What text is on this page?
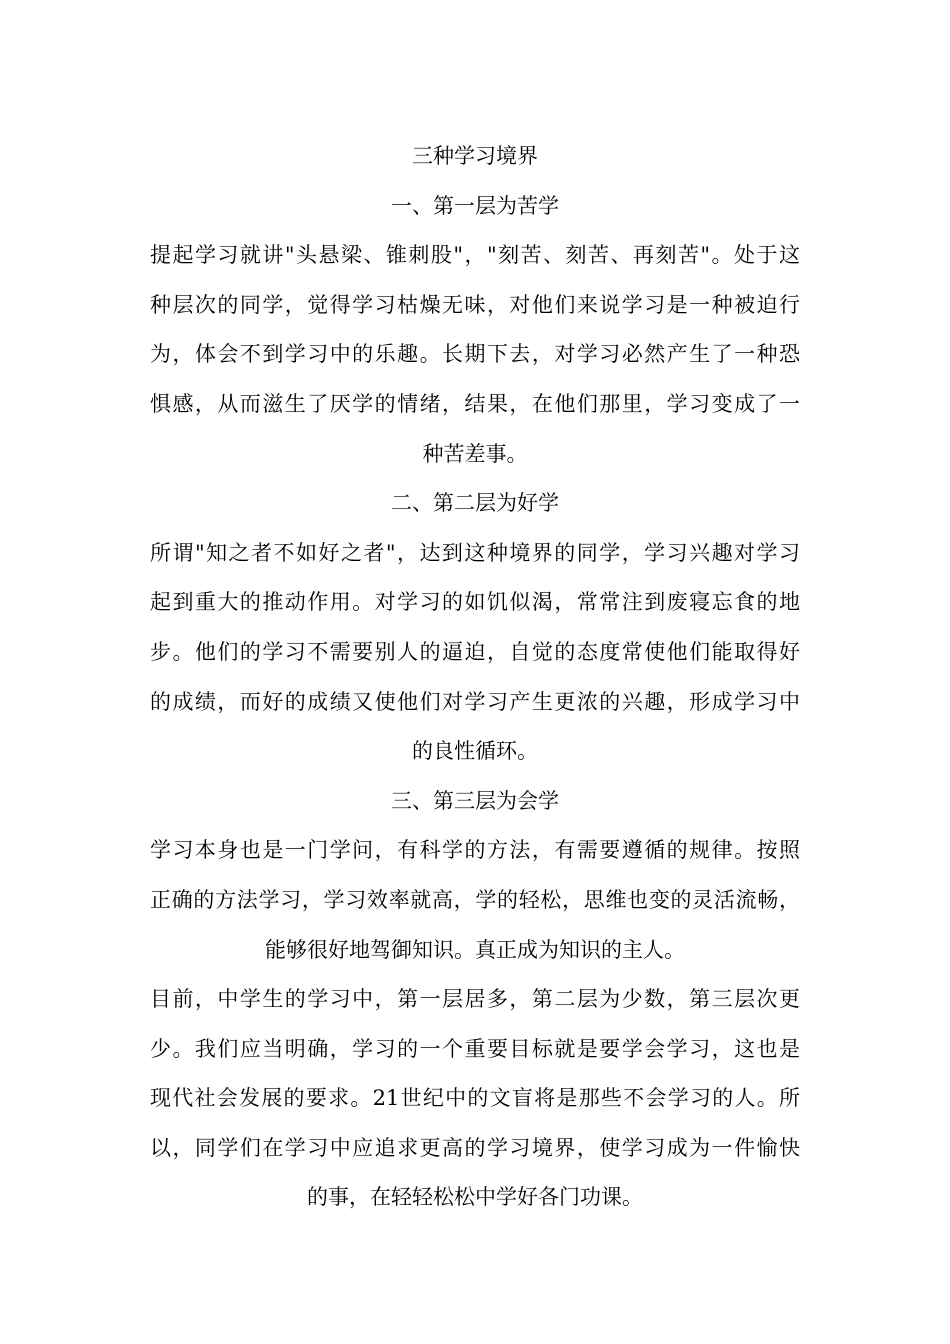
三种学习境界
一、第一层为苦学
提起学习就讲"头悬梁、锥刺股"，"刻苦、刻苦、再刻苦"。处于这
种层次的同学，觉得学习枯燥无味，对他们来说学习是一种被迫行
为，体会不到学习中的乐趣。长期下去，对学习必然产生了一种恐
惧感，从而滋生了厌学的情绪，结果，在他们那里，学习变成了一
种苦差事。
二、第二层为好学
所谓"知之者不如好之者"，达到这种境界的同学，学习兴趣对学习
起到重大的推动作用。对学习的如饥似渴，常常注到废寝忘食的地
步。他们的学习不需要别人的逼迫，自觉的态度常使他们能取得好
的成绩，而好的成绩又使他们对学习产生更浓的兴趣，形成学习中
的良性循环。
三、第三层为会学
学习本身也是一门学问，有科学的方法，有需要遵循的规律。按照
正确的方法学习，学习效率就高，学的轻松，思维也变的灵活流畅，
能够很好地驾御知识。真正成为知识的主人。
目前，中学生的学习中，第一层居多，第二层为少数，第三层次更
少。我们应当明确，学习的一个重要目标就是要学会学习，这也是
现代社会发展的要求。21世纪中的文盲将是那些不会学习的人。所
以，同学们在学习中应追求更高的学习境界，使学习成为一件愉快
的事，在轻轻松松中学好各门功课。
